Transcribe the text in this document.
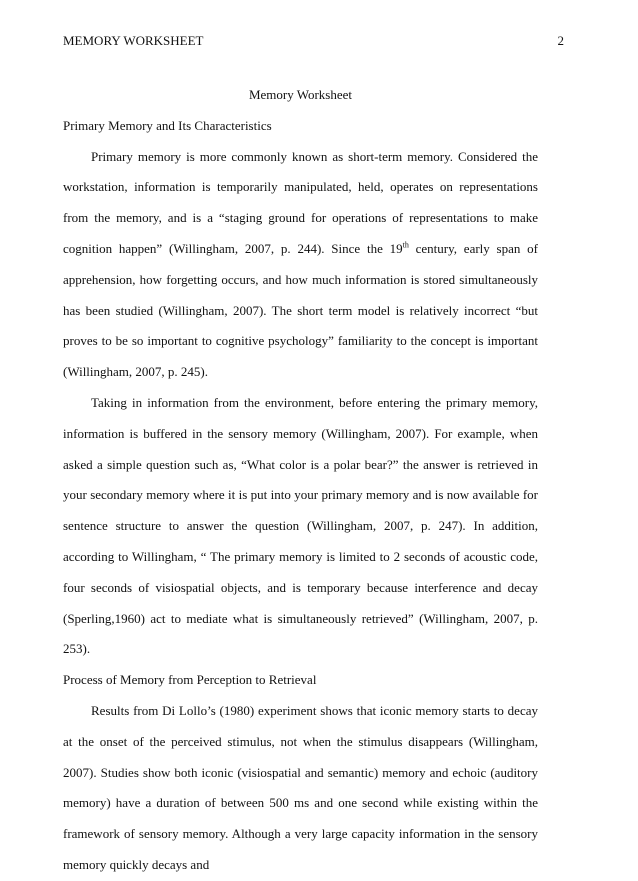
MEMORY WORKSHEET	2

Memory Worksheet

Primary Memory and Its Characteristics

Primary memory is more commonly known as short-term memory. Considered the workstation, information is temporarily manipulated, held, operates on representations from the memory, and is a “staging ground for operations of representations to make cognition happen” (Willingham, 2007, p. 244). Since the 19th century, early span of apprehension, how forgetting occurs, and how much information is stored simultaneously has been studied (Willingham, 2007). The short term model is relatively incorrect “but proves to be so important to cognitive psychology” familiarity to the concept is important (Willingham, 2007, p. 245).

Taking in information from the environment, before entering the primary memory, information is buffered in the sensory memory (Willingham, 2007). For example, when asked a simple question such as, “What color is a polar bear?” the answer is retrieved in your secondary memory where it is put into your primary memory and is now available for sentence structure to answer the question (Willingham, 2007, p. 247). In addition, according to Willingham, “ The primary memory is limited to 2 seconds of acoustic code, four seconds of visiospatial objects, and is temporary because interference and decay (Sperling,1960) act to mediate what is simultaneously retrieved” (Willingham, 2007, p. 253).

Process of Memory from Perception to Retrieval

Results from Di Lollo’s (1980) experiment shows that iconic memory starts to decay at the onset of the perceived stimulus, not when the stimulus disappears (Willingham, 2007). Studies show both iconic (visiospatial and semantic) memory and echoic (auditory memory) have a duration of between 500 ms and one second while existing within the framework of sensory memory. Although a very large capacity information in the sensory memory quickly decays and
